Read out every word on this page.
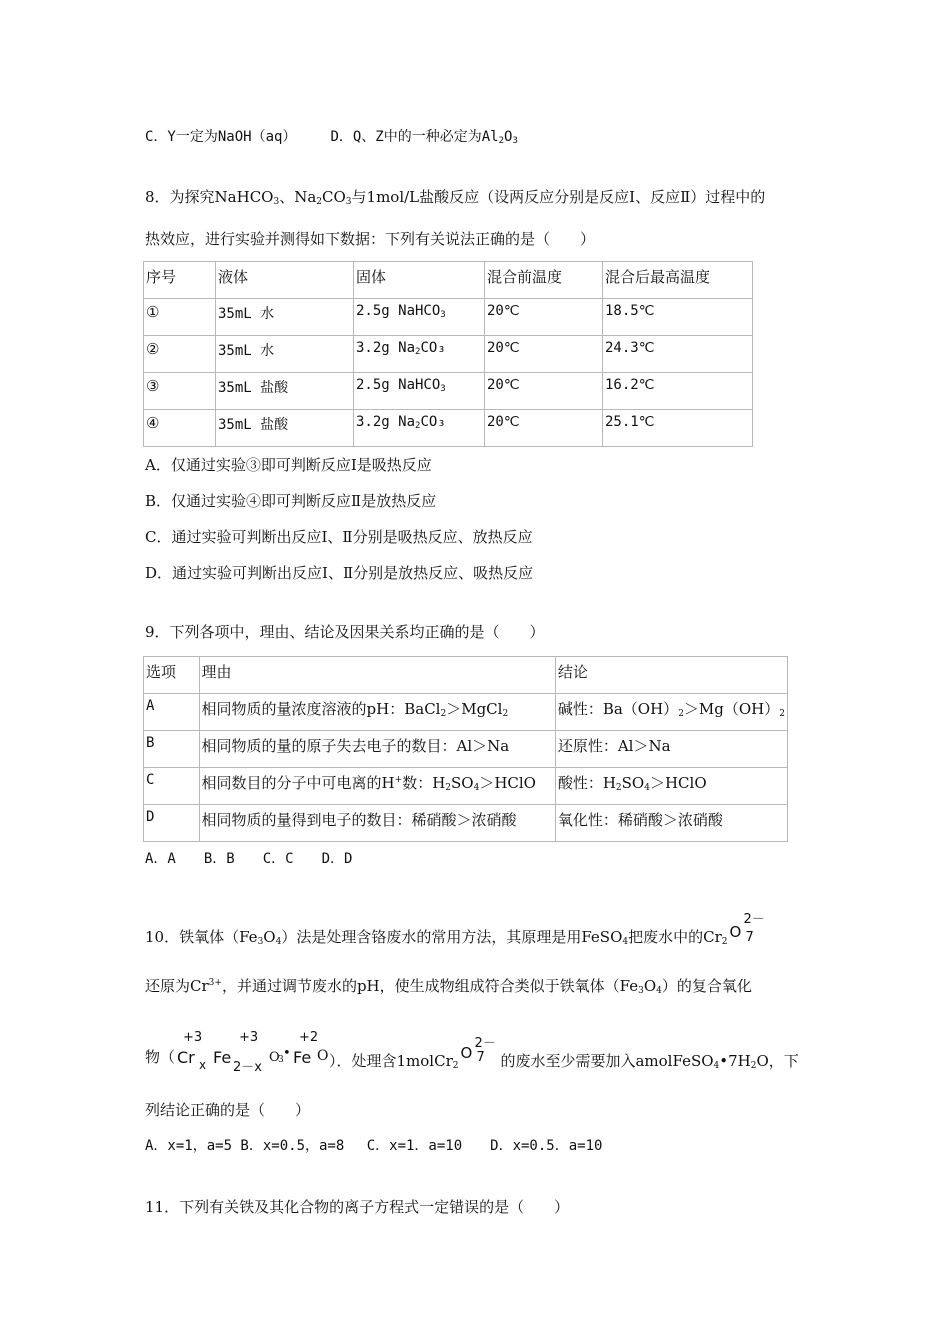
C．Y一定为NaOH（aq） D．Q、Z中的一种必定为$Al_2O_3$
8．为探究NaHCO$_3$、$Na_2CO_3$与1mol/L盐酸反应（设两反应分别是反应Ⅰ、反应Ⅱ）过程中的
热效应，进行实验并测得如下数据：下列有关说法正确的是（　　）
序号	液体	固体	混合前温度	混合后最高温度
①	35mL 水	2.5g NaHCO$_3$	20℃	18.5℃
②	35mL 水	3.2g $Na_2CO_3$	20℃	24.3℃
③	35mL 盐酸	2.5g NaHCO$_3$	20℃	16.2℃
④	35mL 盐酸	3.2g $Na_2CO_3$	20℃	25.1℃
A．仅通过实验③即可判断反应Ⅰ是吸热反应
B．仅通过实验④即可判断反应Ⅱ是放热反应
C．通过实验可判断出反应Ⅰ、Ⅱ分别是吸热反应、放热反应
D．通过实验可判断出反应Ⅰ、Ⅱ分别是放热反应、吸热反应
9．下列各项中，理由、结论及因果关系均正确的是（　　）
选项	理由	结论
A	相同物质的量浓度溶液的pH：BaCl$_2$＞MgCl$_2$	碱性：$Ba(OH)_2>Mg(OH)_2$
B	相同物质的量的原子失去电子的数目：Al＞Na	还原性：Al＞Na
C	相同数目的分子中可电离的H+数：$H_2SO_4>HClO$	酸性：$H_2SO_4>HClO$
D	相同物质的量得到电子的数目：稀硝酸＞浓硝酸	氧化性：稀硝酸＞浓硝酸
A．A　　B．B　　C．C　　D．D
10．铁氧体$(Fe_3O_4)$法是处理含铬废水的常用方法，其原理是用FeSO$_4$把废水中的$Cr_2$
O
2－
7
还原为$Cr^{3+}$，并通过调节废水的pH，使生成物组成符合类似于铁氧体$(Fe_3O_4)$的复合氧化
物（
+3
Cr x
+3
Fe
2－x
O
3 •
+2
Fe O ）．处理含1molCr$_2$
O
2－
7 的废水至少需要加入$amolFeSO_4•7H_2O$，下
列结论正确的是（　　）
A．x=1，a=5 B．x=0.5，a=8　 C．x=1．a=10　　D．x=0.5．a=10
11．下列有关铁及其化合物的离子方程式一定错误的是（　　）
